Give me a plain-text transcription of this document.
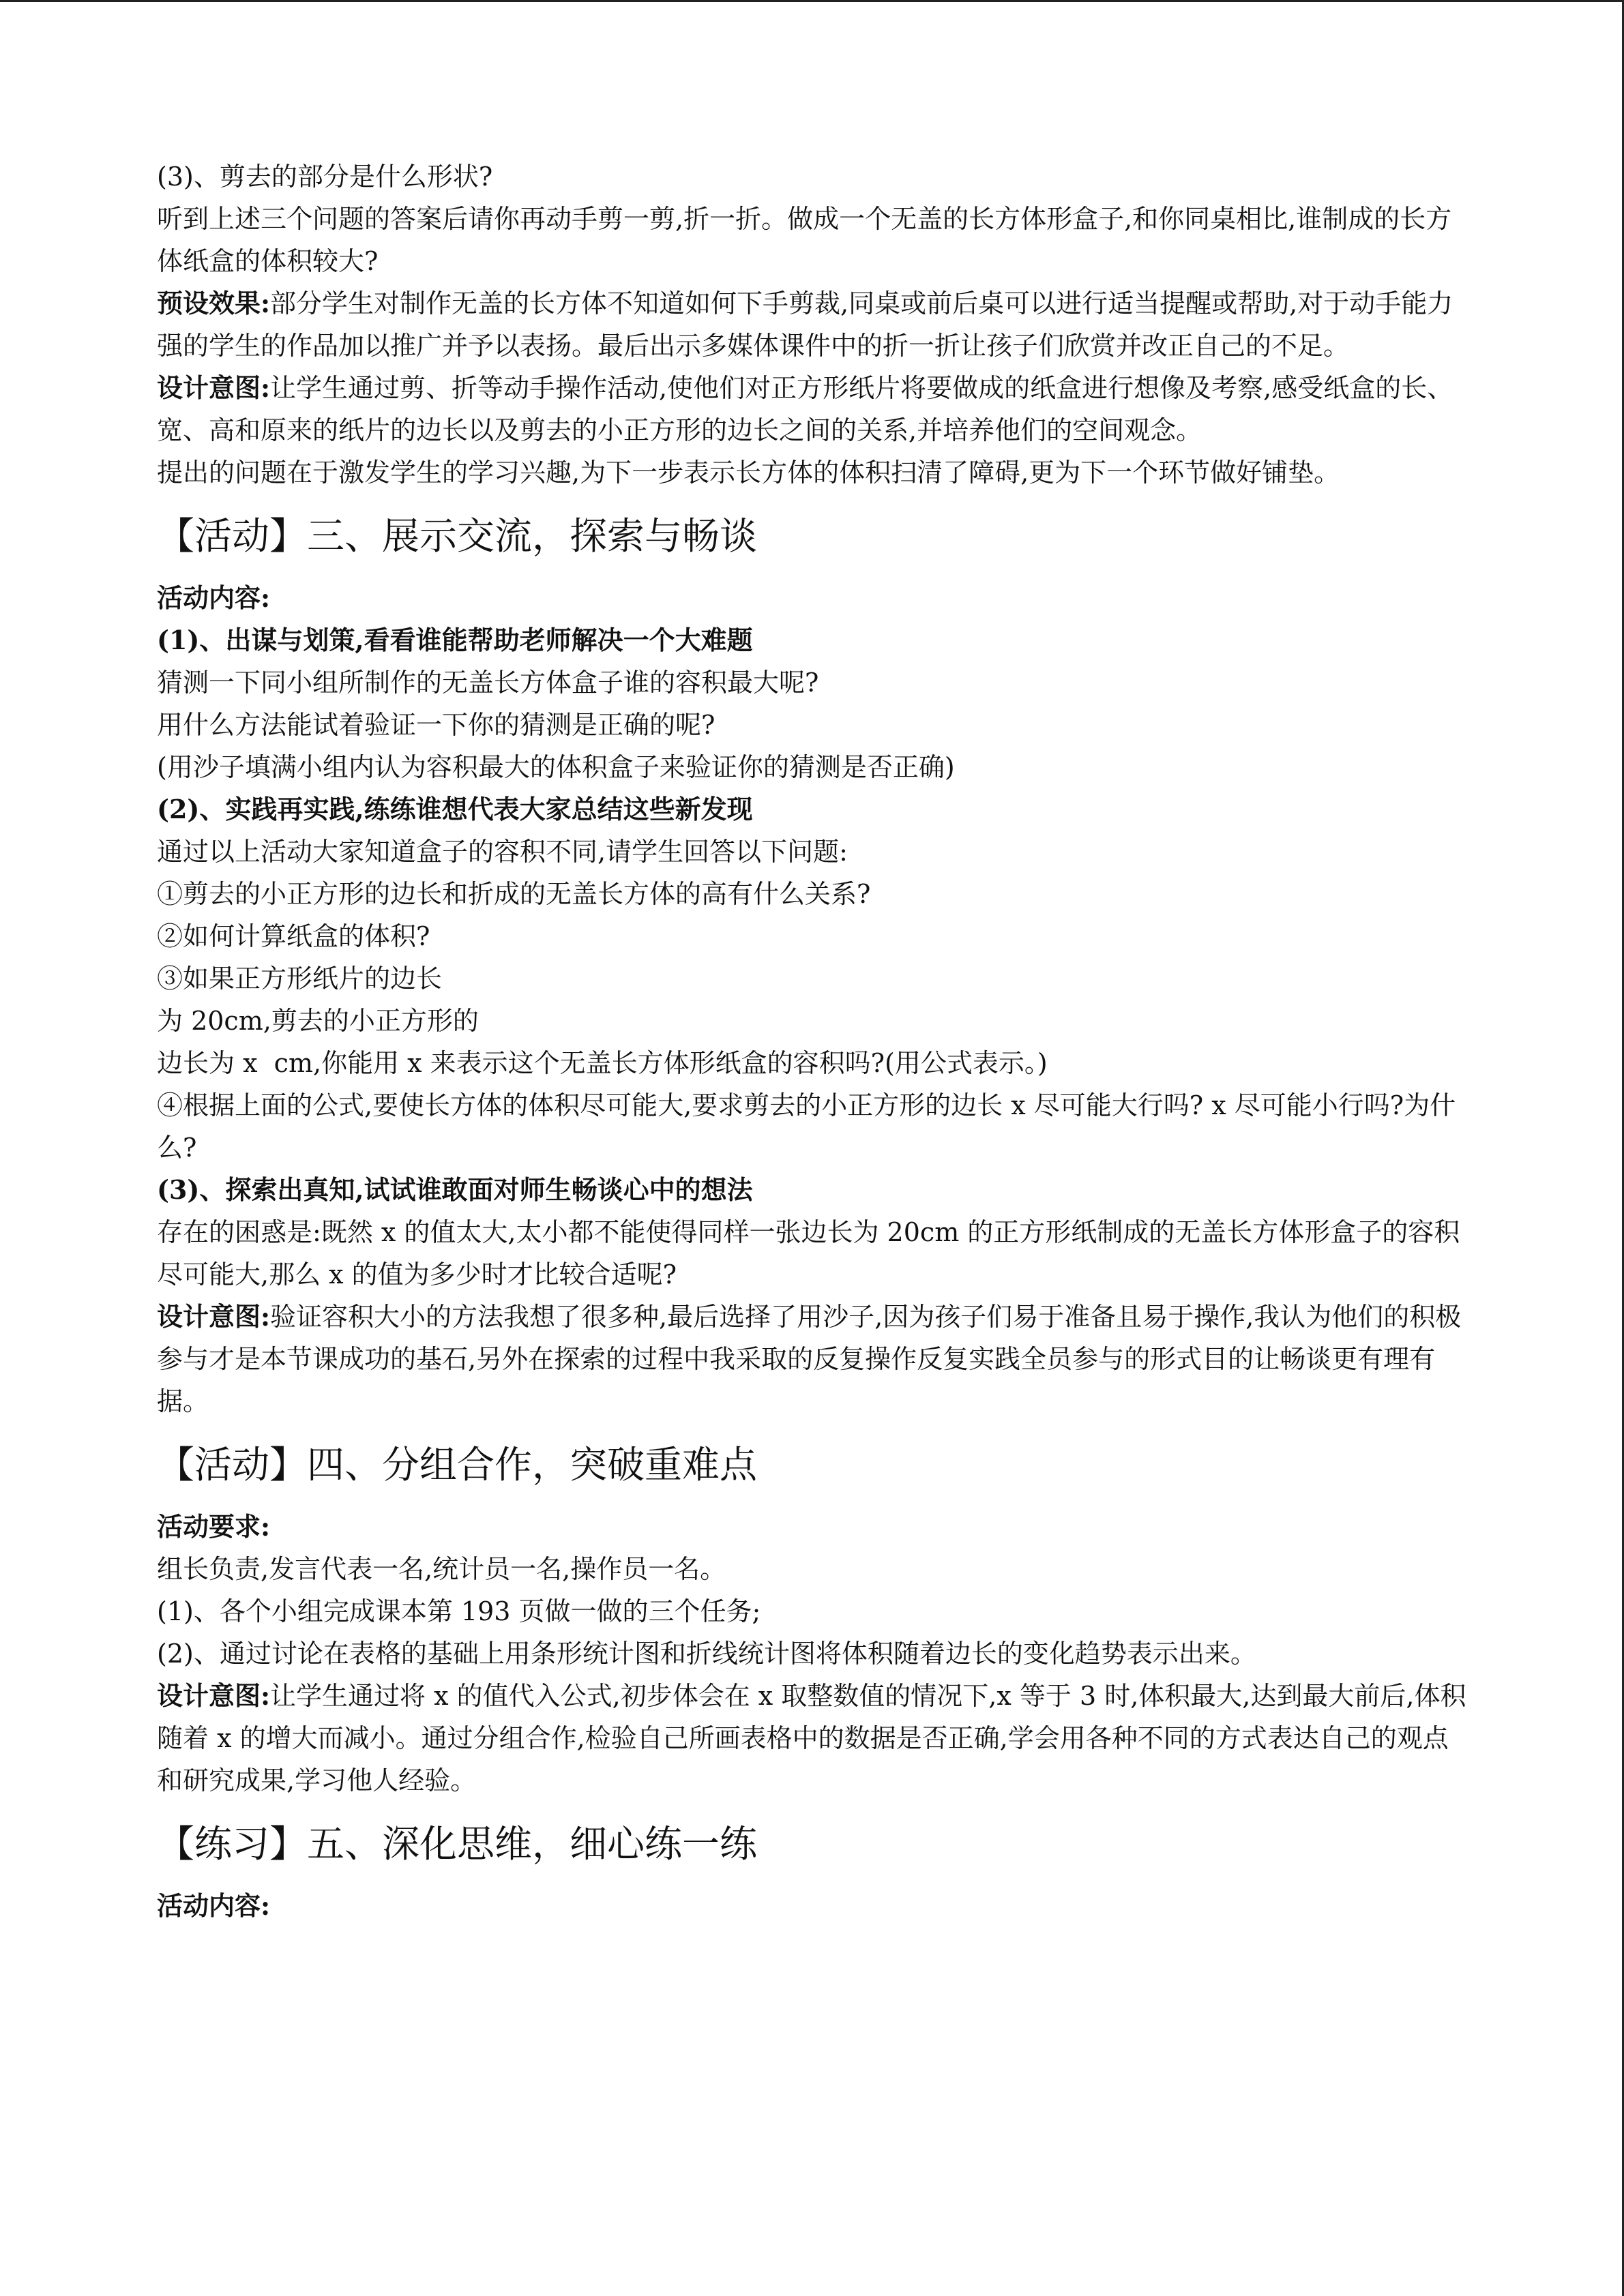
(3)、剪去的部分是什么形状?

听到上述三个问题的答案后请你再动手剪一剪,折一折。做成一个无盖的长方体形盒子,和你同桌相比,谁制成的长方体纸盒的体积较大?

预设效果:部分学生对制作无盖的长方体不知道如何下手剪裁,同桌或前后桌可以进行适当提醒或帮助,对于动手能力强的学生的作品加以推广并予以表扬。最后出示多媒体课件中的折一折让孩子们欣赏并改正自己的不足。

设计意图:让学生通过剪、折等动手操作活动,使他们对正方形纸片将要做成的纸盒进行想像及考察,感受纸盒的长、宽、高和原来的纸片的边长以及剪去的小正方形的边长之间的关系,并培养他们的空间观念。

提出的问题在于激发学生的学习兴趣,为下一步表示长方体的体积扫清了障碍,更为下一个环节做好铺垫。

【活动】三、展示交流，探索与畅谈

活动内容:

(1)、出谋与划策,看看谁能帮助老师解决一个大难题

猜测一下同小组所制作的无盖长方体盒子谁的容积最大呢?

用什么方法能试着验证一下你的猜测是正确的呢?

(用沙子填满小组内认为容积最大的体积盒子来验证你的猜测是否正确)

(2)、实践再实践,练练谁想代表大家总结这些新发现

通过以上活动大家知道盒子的容积不同,请学生回答以下问题:

①剪去的小正方形的边长和折成的无盖长方体的高有什么关系?

②如何计算纸盒的体积?

③如果正方形纸片的边长

为 20cm,剪去的小正方形的

边长为 x  cm,你能用 x 来表示这个无盖长方体形纸盒的容积吗?(用公式表示。)

④根据上面的公式,要使长方体的体积尽可能大,要求剪去的小正方形的边长 x 尽可能大行吗? x 尽可能小行吗?为什么?

(3)、探索出真知,试试谁敢面对师生畅谈心中的想法

存在的困惑是:既然 x 的值太大,太小都不能使得同样一张边长为 20cm 的正方形纸制成的无盖长方体形盒子的容积尽可能大,那么 x 的值为多少时才比较合适呢?

设计意图:验证容积大小的方法我想了很多种,最后选择了用沙子,因为孩子们易于准备且易于操作,我认为他们的积极参与才是本节课成功的基石,另外在探索的过程中我采取的反复操作反复实践全员参与的形式目的让畅谈更有理有据。

【活动】四、分组合作，突破重难点

活动要求:

组长负责,发言代表一名,统计员一名,操作员一名。

(1)、各个小组完成课本第 193 页做一做的三个任务;

(2)、通过讨论在表格的基础上用条形统计图和折线统计图将体积随着边长的变化趋势表示出来。

设计意图:让学生通过将 x 的值代入公式,初步体会在 x 取整数值的情况下,x 等于 3 时,体积最大,达到最大前后,体积随着 x 的增大而减小。通过分组合作,检验自己所画表格中的数据是否正确,学会用各种不同的方式表达自己的观点和研究成果,学习他人经验。

【练习】五、深化思维，细心练一练

活动内容:
